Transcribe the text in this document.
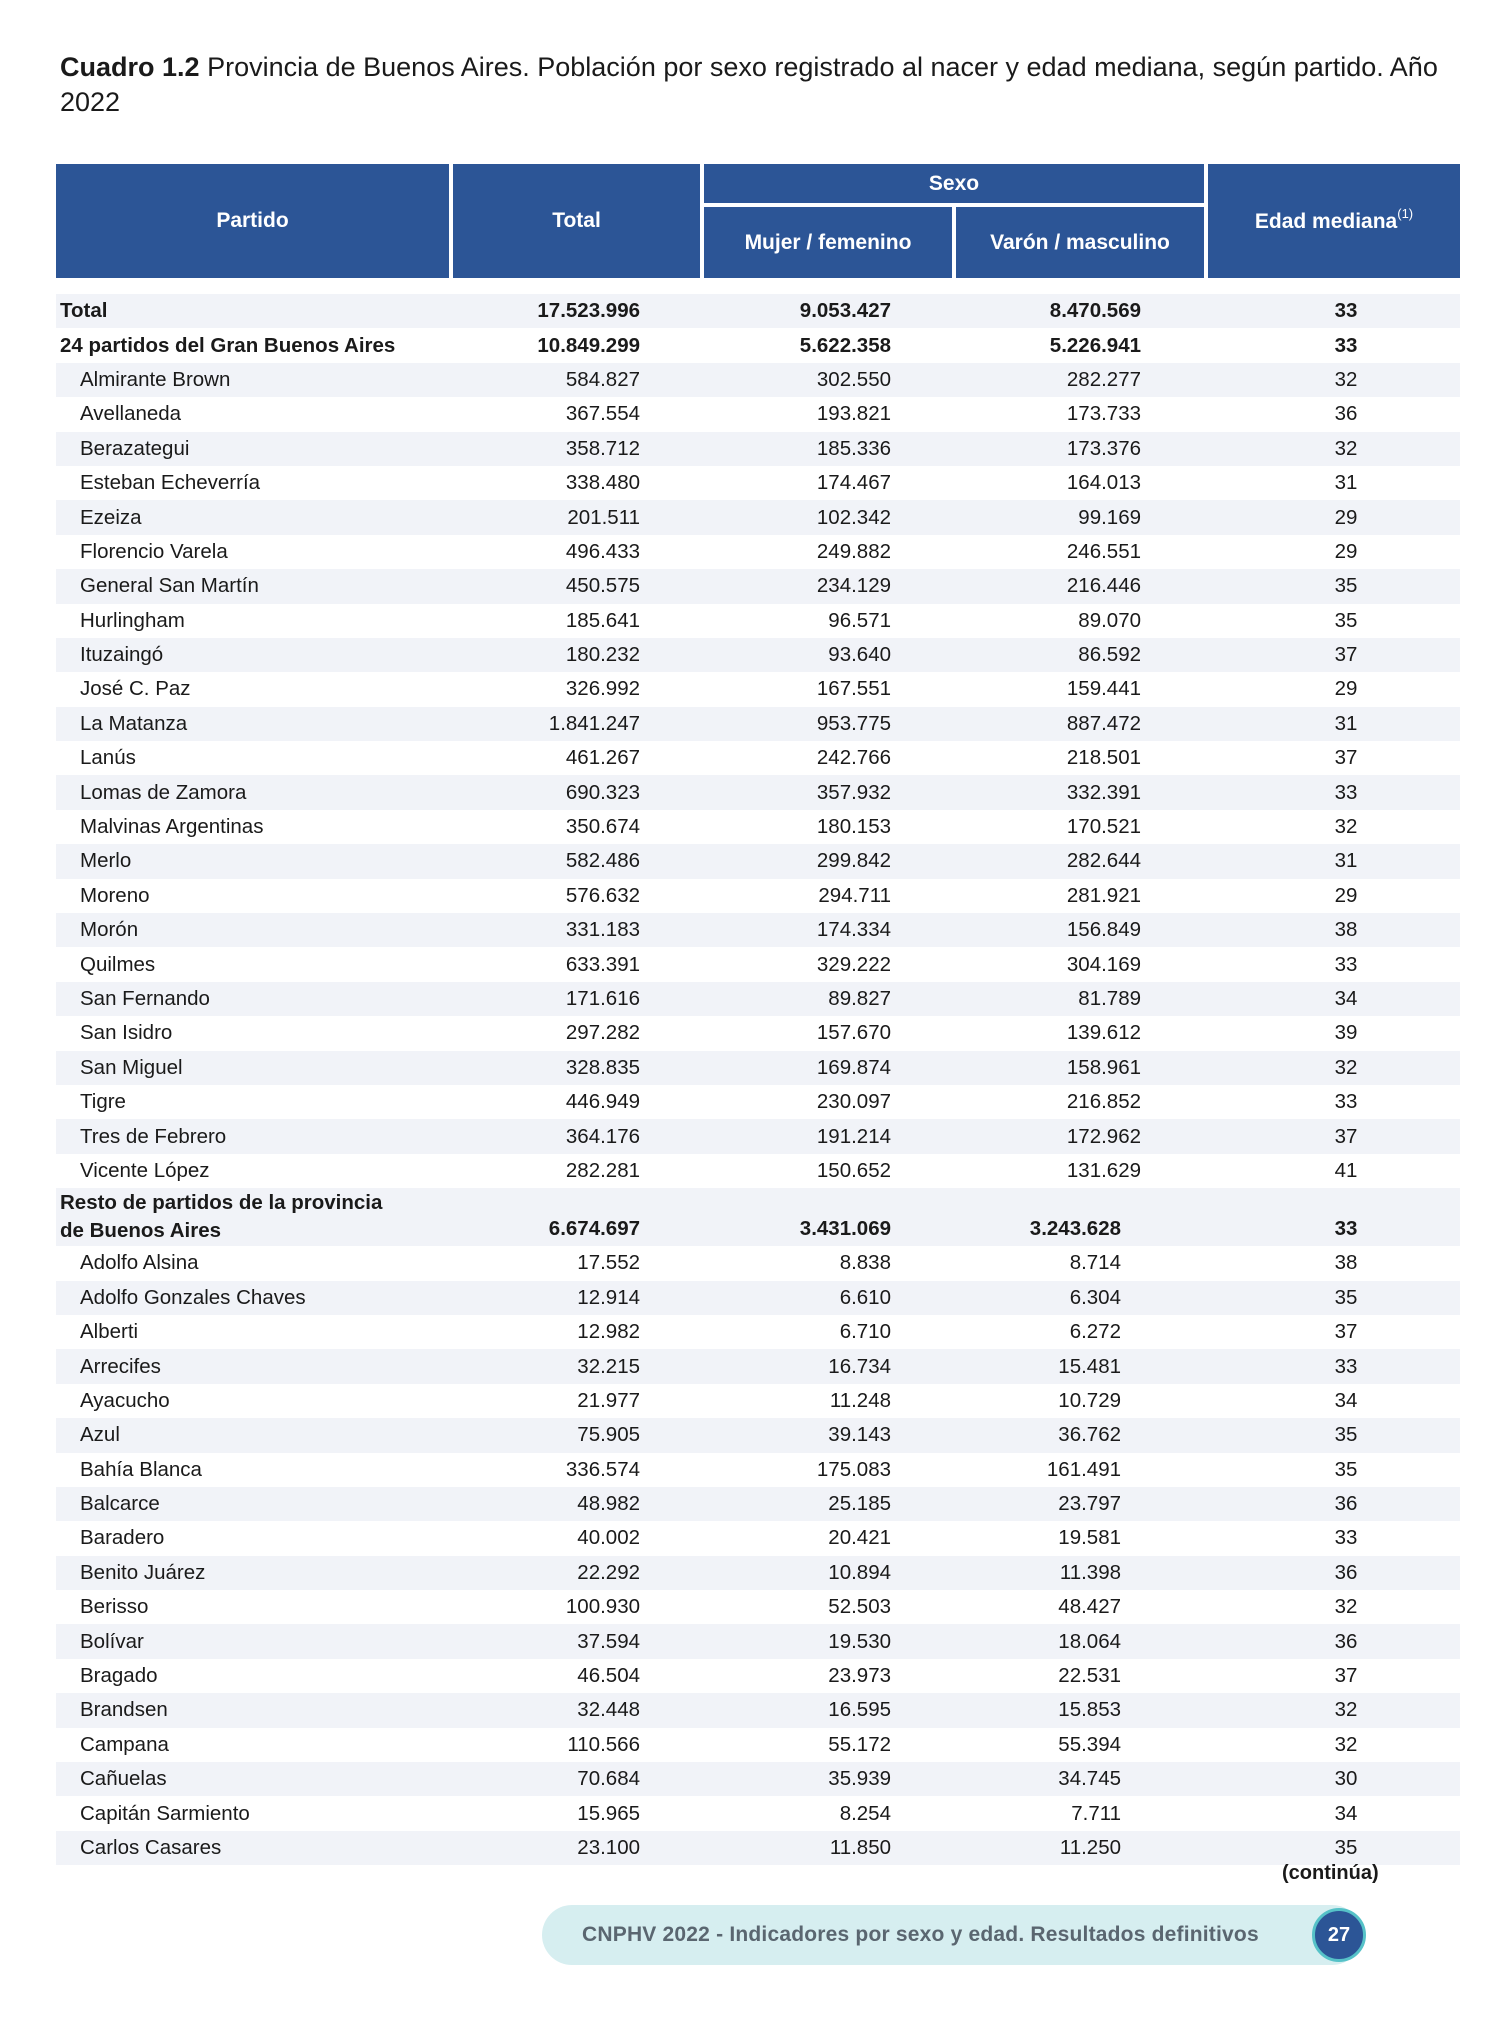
Cuadro 1.2 Provincia de Buenos Aires. Población por sexo registrado al nacer y edad mediana, según partido. Año 2022
Partido	Total
Sexo
Mujer / femenino	Varón / masculino
Edad mediana$^{(1)}$
Total	17.523.996	9.053.427	8.470.569	33
24 partidos del Gran Buenos Aires	10.849.299	5.622.358	5.226.941	33
Almirante Brown	584.827	302.550	282.277	32
Avellaneda	367.554	193.821	173.733	36
Berazategui	358.712	185.336	173.376	32
Esteban Echeverría	338.480	174.467	164.013	31
Ezeiza	201.511	102.342	99.169	29
Florencio Varela	496.433	249.882	246.551	29
General San Martín	450.575	234.129	216.446	35
Hurlingham	185.641	96.571	89.070	35
Ituzaingó	180.232	93.640	86.592	37
José C. Paz	326.992	167.551	159.441	29
La Matanza	1.841.247	953.775	887.472	31
Lanús	461.267	242.766	218.501	37
Lomas de Zamora	690.323	357.932	332.391	33
Malvinas Argentinas	350.674	180.153	170.521	32
Merlo	582.486	299.842	282.644	31
Moreno	576.632	294.711	281.921	29
Morón	331.183	174.334	156.849	38
Quilmes	633.391	329.222	304.169	33
San Fernando	171.616	89.827	81.789	34
San Isidro	297.282	157.670	139.612	39
San Miguel	328.835	169.874	158.961	32
Tigre	446.949	230.097	216.852	33
Tres de Febrero	364.176	191.214	172.962	37
Vicente López	282.281	150.652	131.629	41
Resto de partidos de la provincia
de Buenos Aires	6.674.697	3.431.069	3.243.628	33
Adolfo Alsina	17.552	8.838	8.714	38
Adolfo Gonzales Chaves	12.914	6.610	6.304	35
Alberti	12.982	6.710	6.272	37
Arrecifes	32.215	16.734	15.481	33
Ayacucho	21.977	11.248	10.729	34
Azul	75.905	39.143	36.762	35
Bahía Blanca	336.574	175.083	161.491	35
Balcarce	48.982	25.185	23.797	36
Baradero	40.002	20.421	19.581	33
Benito Juárez	22.292	10.894	11.398	36
Berisso	100.930	52.503	48.427	32
Bolívar	37.594	19.530	18.064	36
Bragado	46.504	23.973	22.531	37
Brandsen	32.448	16.595	15.853	32
Campana	110.566	55.172	55.394	32
Cañuelas	70.684	35.939	34.745	30
Capitán Sarmiento	15.965	8.254	7.711	34
Carlos Casares	23.100	11.850	11.250	35
(continúa)
CNPHV 2022 - Indicadores por sexo y edad. Resultados definitivos	27
